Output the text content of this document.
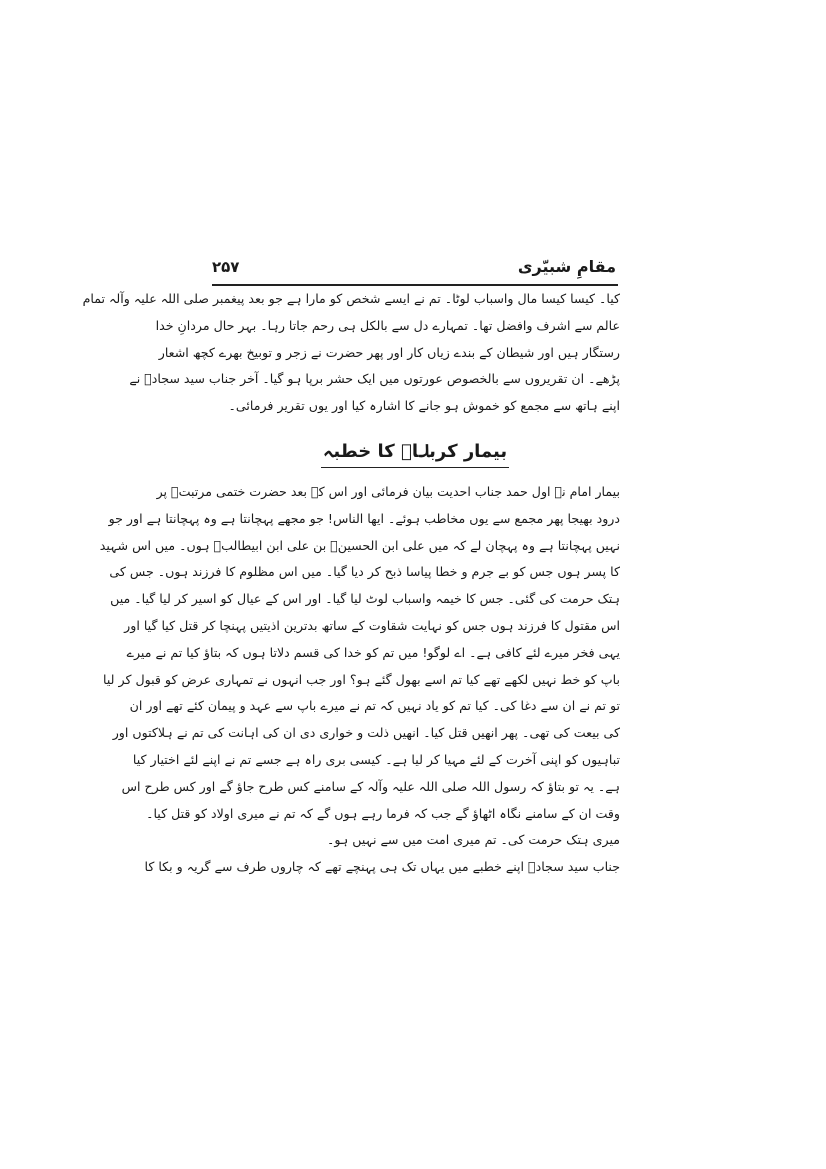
مقامِ شبیّری
۲۵۷
کیا۔ کیسا کیسا مال واسباب لوٹا۔ تم نے ایسے شخص کو مارا ہے جو بعد پیغمبر صلی اللہ علیہ وآلہ تمام
عالم سے اشرف وافضل تھا۔ تمہارے دل سے بالکل ہی رحم جاتا رہا۔ بہر حال مردانِ خدا
رستگار ہیں اور شیطان کے بندے زیاں کار اور پھر حضرت نے زجر و توبیخ بھرے کچھ اشعار
پڑھے۔ ان تقریروں سے بالخصوص عورتوں میں ایک حشر برپا ہو گیا۔ آخر جناب سید سجادؑ نے
اپنے ہاتھ سے مجمع کو خموش ہو جانے کا اشارہ کیا اور یوں تقریر فرمائی۔
بیمار کربلاؑ کا خطبہ
بیمار امام نے اول حمد جناب احدیت بیان فرمائی اور اس کے بعد حضرت ختمی مرتبتؐ پر
درود بھیجا پھر مجمع سے یوں مخاطب ہوئے۔ ایھا الناس! جو مجھے پہچانتا ہے وہ پہچانتا ہے اور جو
نہیں پہچانتا ہے وہ پہچان لے کہ میں علی ابن الحسینؑ بن علی ابن ابیطالبؑ ہوں۔ میں اس شہید
کا پسر ہوں جس کو بے جرم و خطا پیاسا ذبح کر دیا گیا۔ میں اس مظلوم کا فرزند ہوں۔ جس کی
ہتک حرمت کی گئی۔ جس کا خیمہ واسباب لوٹ لیا گیا۔ اور اس کے عیال کو اسیر کر لیا گیا۔ میں
اس مقتول کا فرزند ہوں جس کو نہایت شقاوت کے ساتھ بدترین اذیتیں پہنچا کر قتل کیا گیا اور
یہی فخر میرے لئے کافی ہے۔ اے لوگو! میں تم کو خدا کی قسم دلاتا ہوں کہ بتاؤ کیا تم نے میرے
باپ کو خط نہیں لکھے تھے کیا تم اسے بھول گئے ہو؟ اور جب انہوں نے تمہاری عرض کو قبول کر لیا
تو تم نے ان سے دغا کی۔ کیا تم کو یاد نہیں کہ تم نے میرے باپ سے عہد و پیمان کئے تھے اور ان
کی بیعت کی تھی۔ پھر انھیں قتل کیا۔ انھیں ذلت و خواری دی ان کی اہانت کی تم نے ہلاکتوں اور
تباہیوں کو اپنی آخرت کے لئے مہیا کر لیا ہے۔ کیسی بری راہ ہے جسے تم نے اپنے لئے اختیار کیا
ہے۔ یہ تو بتاؤ کہ رسول اللہ صلی اللہ علیہ وآلہ کے سامنے کس طرح جاؤ گے اور کس طرح اس
وقت ان کے سامنے نگاہ اٹھاؤ گے جب کہ فرما رہے ہوں گے کہ تم نے میری اولاد کو قتل کیا۔
میری ہتک حرمت کی۔ تم میری امت میں سے نہیں ہو۔
جناب سید سجادؑ اپنے خطبے میں یہاں تک ہی پہنچے تھے کہ چاروں طرف سے گریہ و بکا کا
